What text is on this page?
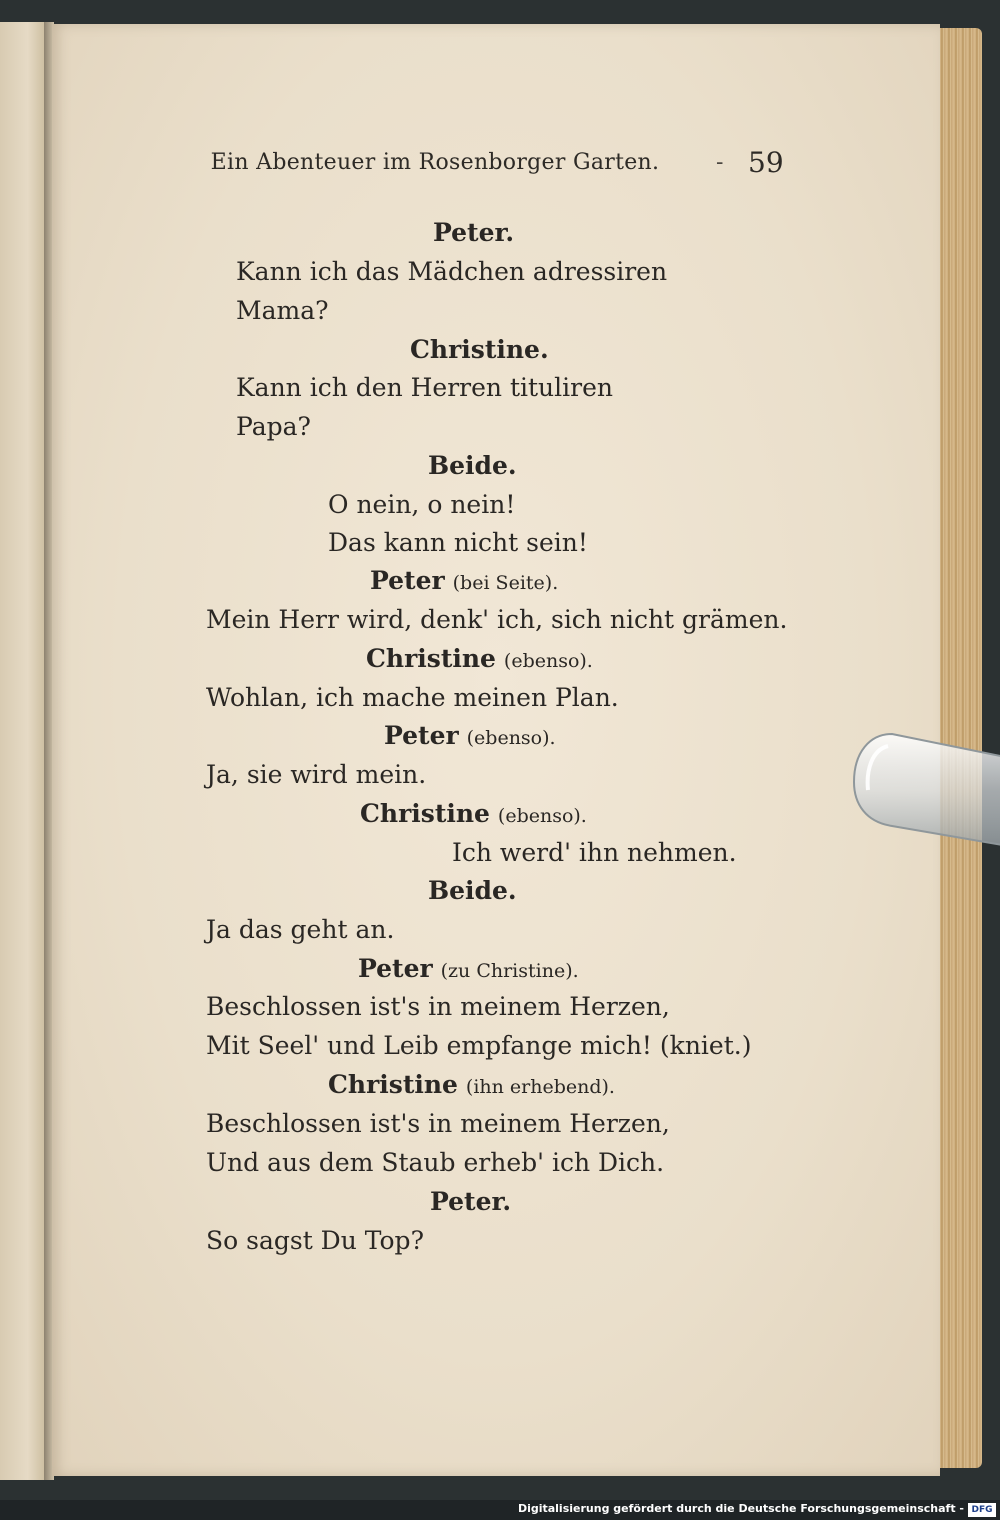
Ein Abenteuer im Rosenborger Garten.	- 59
Peter.
Kann ich das Mädchen adressiren
Mama?
Christine.
Kann ich den Herren tituliren
Papa?
Beide.
O nein, o nein!
Das kann nicht sein!
Peter (bei Seite).
Mein Herr wird, denk' ich, sich nicht grämen.
Christine (ebenso).
Wohlan, ich mache meinen Plan.
Peter (ebenso).
Ja, sie wird mein.
Christine (ebenso).
Ich werd' ihn nehmen.
Beide.
Ja das geht an.
Peter (zu Christine).
Beschlossen ist's in meinem Herzen,
Mit Seel' und Leib empfange mich! (kniet.)
Christine (ihn erhebend).
Beschlossen ist's in meinem Herzen,
Und aus dem Staub erheb' ich Dich.
Peter.
So sagst Du Top?
Digitalisierung gefördert durch die Deutsche Forschungsgemeinschaft - DFG
